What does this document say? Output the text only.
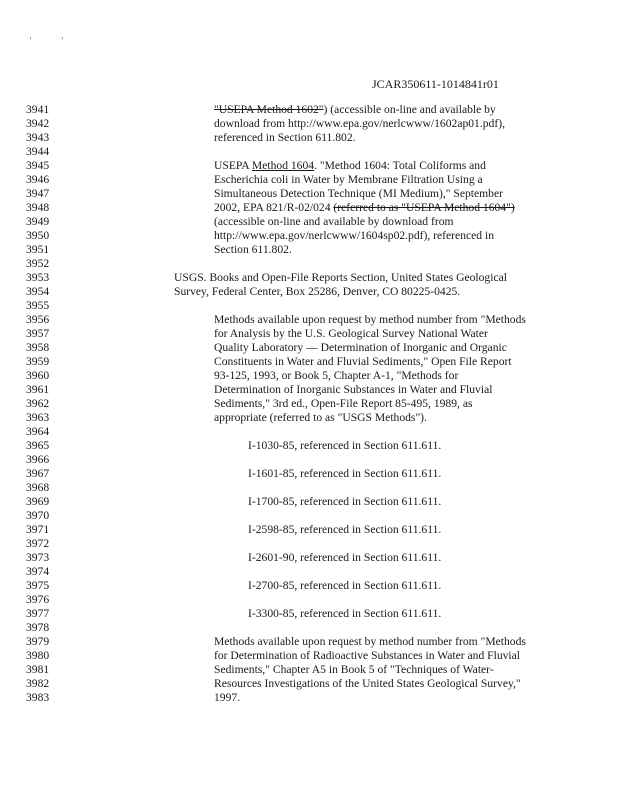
' '
JCAR350611-1014841r01
3941	"USEPA Method 1602") (accessible on-line and available by
3942	download from http://www.epa.gov/nerlcwww/1602ap01.pdf),
3943	referenced in Section 611.802.
3944
3945	USEPA Method 1604. "Method 1604: Total Coliforms and
3946	Escherichia coli in Water by Membrane Filtration Using a
3947	Simultaneous Detection Technique (MI Medium)," September
3948	2002, EPA 821/R-02/024 (referred to as "USEPA Method 1604")
3949	(accessible on-line and available by download from
3950	http://www.epa.gov/nerlcwww/1604sp02.pdf), referenced in
3951	Section 611.802.
3952
3953	USGS. Books and Open-File Reports Section, United States Geological
3954	Survey, Federal Center, Box 25286, Denver, CO 80225-0425.
3955
3956	Methods available upon request by method number from "Methods
3957	for Analysis by the U.S. Geological Survey National Water
3958	Quality Laboratory — Determination of Inorganic and Organic
3959	Constituents in Water and Fluvial Sediments," Open File Report
3960	93-125, 1993, or Book 5, Chapter A-1, "Methods for
3961	Determination of Inorganic Substances in Water and Fluvial
3962	Sediments," 3rd ed., Open-File Report 85-495, 1989, as
3963	appropriate (referred to as "USGS Methods").
3964
3965	I-1030-85, referenced in Section 611.611.
3966
3967	I-1601-85, referenced in Section 611.611.
3968
3969	I-1700-85, referenced in Section 611.611.
3970
3971	I-2598-85, referenced in Section 611.611.
3972
3973	I-2601-90, referenced in Section 611.611.
3974
3975	I-2700-85, referenced in Section 611.611.
3976
3977	I-3300-85, referenced in Section 611.611.
3978
3979	Methods available upon request by method number from "Methods
3980	for Determination of Radioactive Substances in Water and Fluvial
3981	Sediments," Chapter A5 in Book 5 of "Techniques of Water-
3982	Resources Investigations of the United States Geological Survey,"
3983	1997.
